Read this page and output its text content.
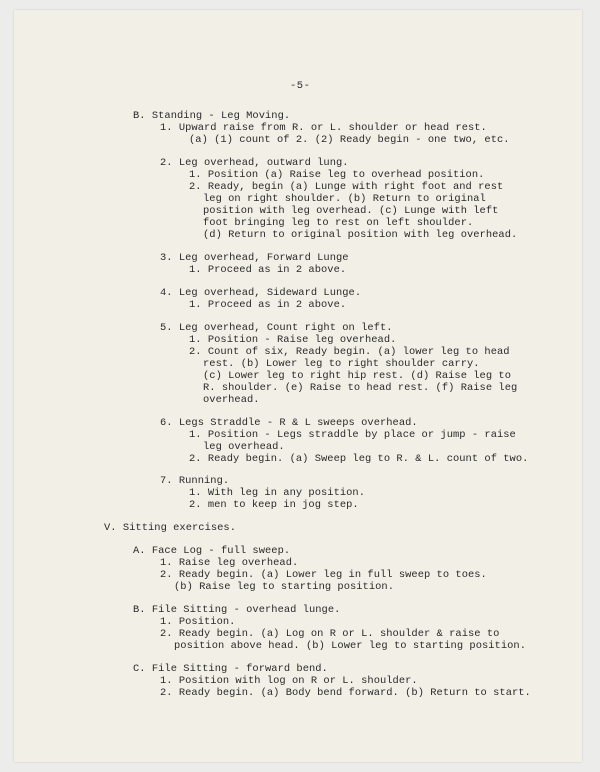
-5-
B. Standing - Leg Moving.
1. Upward raise from R. or L. shoulder or head rest.
(a) (1) count of 2. (2) Ready begin - one two, etc.
2. Leg overhead, outward lung.
1. Position (a) Raise leg to overhead position.
2. Ready, begin (a) Lunge with right foot and rest
leg on right shoulder. (b) Return to original
position with leg overhead. (c) Lunge with left
foot bringing leg to rest on left shoulder.
(d) Return to original position with leg overhead.
3. Leg overhead, Forward Lunge
1. Proceed as in 2 above.
4. Leg overhead, Sideward Lunge.
1. Proceed as in 2 above.
5. Leg overhead, Count right on left.
1. Position - Raise leg overhead.
2. Count of six, Ready begin. (a) lower leg to head
rest. (b) Lower leg to right shoulder carry.
(c) Lower leg to right hip rest. (d) Raise leg to
R. shoulder. (e) Raise to head rest. (f) Raise leg
overhead.
6. Legs Straddle - R & L sweeps overhead.
1. Position - Legs straddle by place or jump - raise
leg overhead.
2. Ready begin. (a) Sweep leg to R. & L. count of two.
7. Running.
1. With leg in any position.
2. men to keep in jog step.
V. Sitting exercises.
A. Face Log - full sweep.
1. Raise leg overhead.
2. Ready begin. (a) Lower leg in full sweep to toes.
(b) Raise leg to starting position.
B. File Sitting - overhead lunge.
1. Position.
2. Ready begin. (a) Log on R or L. shoulder & raise to
position above head. (b) Lower leg to starting position.
C. File Sitting - forward bend.
1. Position with log on R or L. shoulder.
2. Ready begin. (a) Body bend forward. (b) Return to start.
